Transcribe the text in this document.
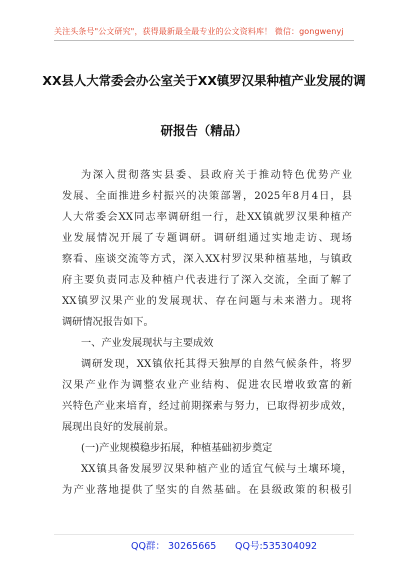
关注头条号"公文研究"，获得最新最全最专业的公文资料库！ 微信：gongwenyj
XX县人大常委会办公室关于XX镇罗汉果种植产业发展的调
研报告（精品）
为深入贯彻落实县委、县政府关于推动特色优势产业
发展、全面推进乡村振兴的决策部署，2025年8月4日，县
人大常委会XX同志率调研组一行，赴XX镇就罗汉果种植产
业发展情况开展了专题调研。调研组通过实地走访、现场
察看、座谈交流等方式，深入XX村罗汉果种植基地，与镇政
府主要负责同志及种植户代表进行了深入交流，全面了解了
XX镇罗汉果产业的发展现状、存在问题与未来潜力。现将
调研情况报告如下。
一、产业发展现状与主要成效
调研发现，XX镇依托其得天独厚的自然气候条件，将罗
汉果产业作为调整农业产业结构、促进农民增收致富的新
兴特色产业来培育，经过前期探索与努力，已取得初步成效，
展现出良好的发展前景。
(一)产业规模稳步拓展，种植基础初步奠定
XX镇具备发展罗汉果种植产业的适宜气候与土壤环境，
为产业落地提供了坚实的自然基础。在县级政策的积极引
QQ群： 30265665 QQ号:535304092
